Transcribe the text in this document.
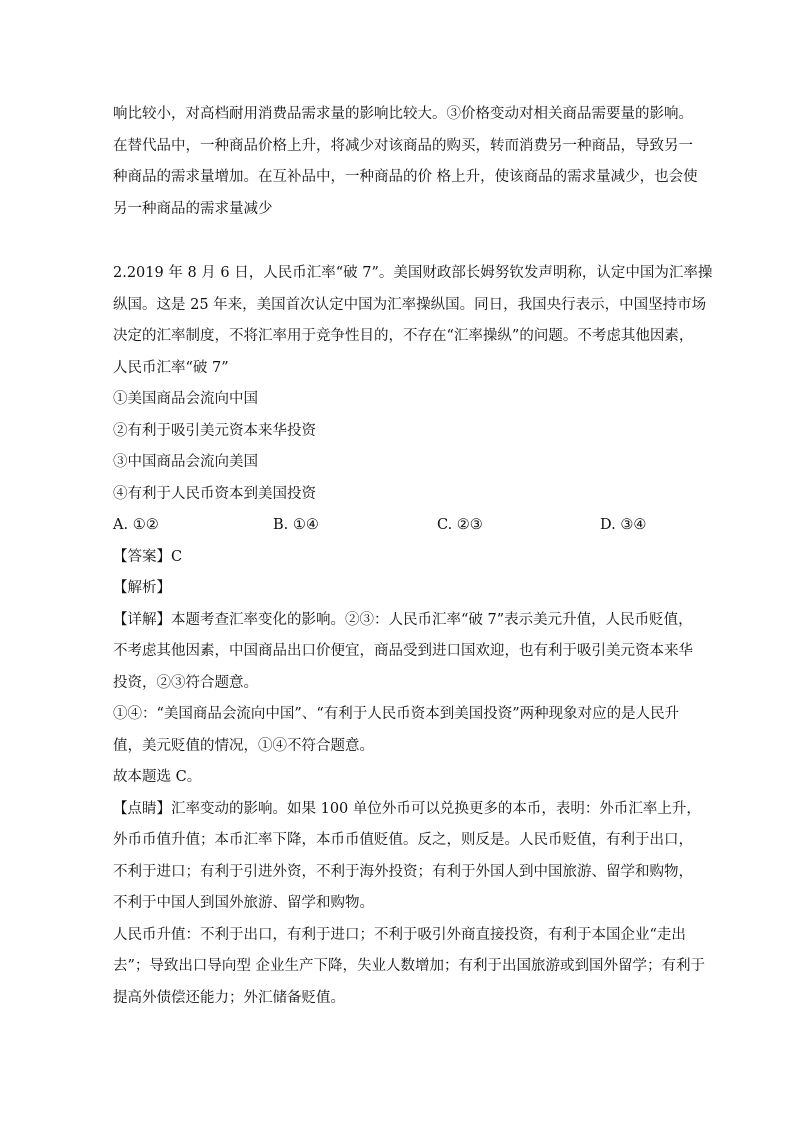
响比较小，对高档耐用消费品需求量的影响比较大。③价格变动对相关商品需要量的影响。
在替代品中，一种商品价格上升，将减少对该商品的购买，转而消费另一种商品，导致另一
种商品的需求量增加。在互补品中，一种商品的价 格上升，使该商品的需求量减少，也会使
另一种商品的需求量减少
2.2019 年 8 月 6 日，人民币汇率“破 7”。美国财政部长姆努钦发声明称，认定中国为汇率操
纵国。这是 25 年来，美国首次认定中国为汇率操纵国。同日，我国央行表示，中国坚持市场
决定的汇率制度，不将汇率用于竞争性目的，不存在“汇率操纵”的问题。不考虑其他因素，
人民币汇率“破 7”
①美国商品会流向中国
②有利于吸引美元资本来华投资
③中国商品会流向美国
④有利于人民币资本到美国投资
A. ①②	B. ①④	C. ②③	D. ③④
【答案】C
【解析】
【详解】本题考查汇率变化的影响。②③：人民币汇率“破 7”表示美元升值，人民币贬值，
不考虑其他因素，中国商品出口价便宜，商品受到进口国欢迎，也有利于吸引美元资本来华
投资，②③符合题意。
①④：“美国商品会流向中国”、“有利于人民币资本到美国投资”两种现象对应的是人民升
值，美元贬值的情况，①④不符合题意。
故本题选 C。
【点睛】汇率变动的影响。如果 100 单位外币可以兑换更多的本币，表明：外币汇率上升，
外币币值升值；本币汇率下降，本币币值贬值。反之，则反是。人民币贬值，有利于出口，
不利于进口；有利于引进外资，不利于海外投资；有利于外国人到中国旅游、留学和购物，
不利于中国人到国外旅游、留学和购物。
人民币升值：不利于出口，有利于进口；不利于吸引外商直接投资，有利于本国企业“走出
去”；导致出口导向型 企业生产下降，失业人数增加；有利于出国旅游或到国外留学；有利于
提高外债偿还能力；外汇储备贬值。
